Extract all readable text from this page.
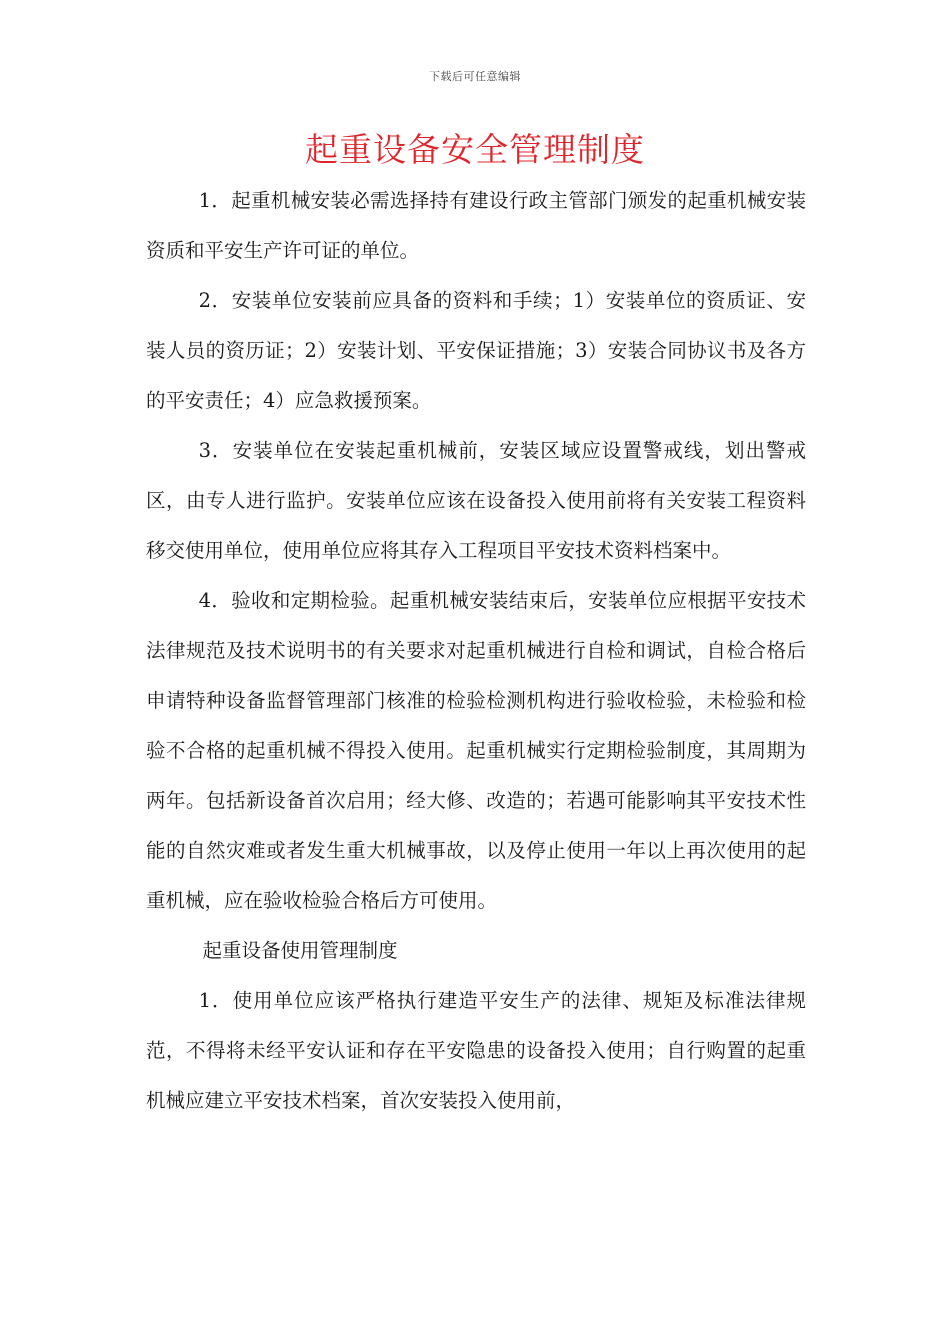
下载后可任意编辑
起重设备安全管理制度

1．起重机械安装必需选择持有建设行政主管部门颁发的起重机械安装资质和平安生产许可证的单位。

2．安装单位安装前应具备的资料和手续；1）安装单位的资质证、安装人员的资历证；2）安装计划、平安保证措施；3）安装合同协议书及各方的平安责任；4）应急救援预案。

3．安装单位在安装起重机械前，安装区域应设置警戒线，划出警戒区，由专人进行监护。安装单位应该在设备投入使用前将有关安装工程资料移交使用单位，使用单位应将其存入工程项目平安技术资料档案中。

4．验收和定期检验。起重机械安装结束后，安装单位应根据平安技术法律规范及技术说明书的有关要求对起重机械进行自检和调试，自检合格后申请特种设备监督管理部门核准的检验检测机构进行验收检验，未检验和检验不合格的起重机械不得投入使用。起重机械实行定期检验制度，其周期为两年。包括新设备首次启用；经大修、改造的；若遇可能影响其平安技术性能的自然灾难或者发生重大机械事故，以及停止使用一年以上再次使用的起重机械，应在验收检验合格后方可使用。

起重设备使用管理制度

1．使用单位应该严格执行建造平安生产的法律、规矩及标准法律规范，不得将未经平安认证和存在平安隐患的设备投入使用；自行购置的起重机械应建立平安技术档案，首次安装投入使用前，
